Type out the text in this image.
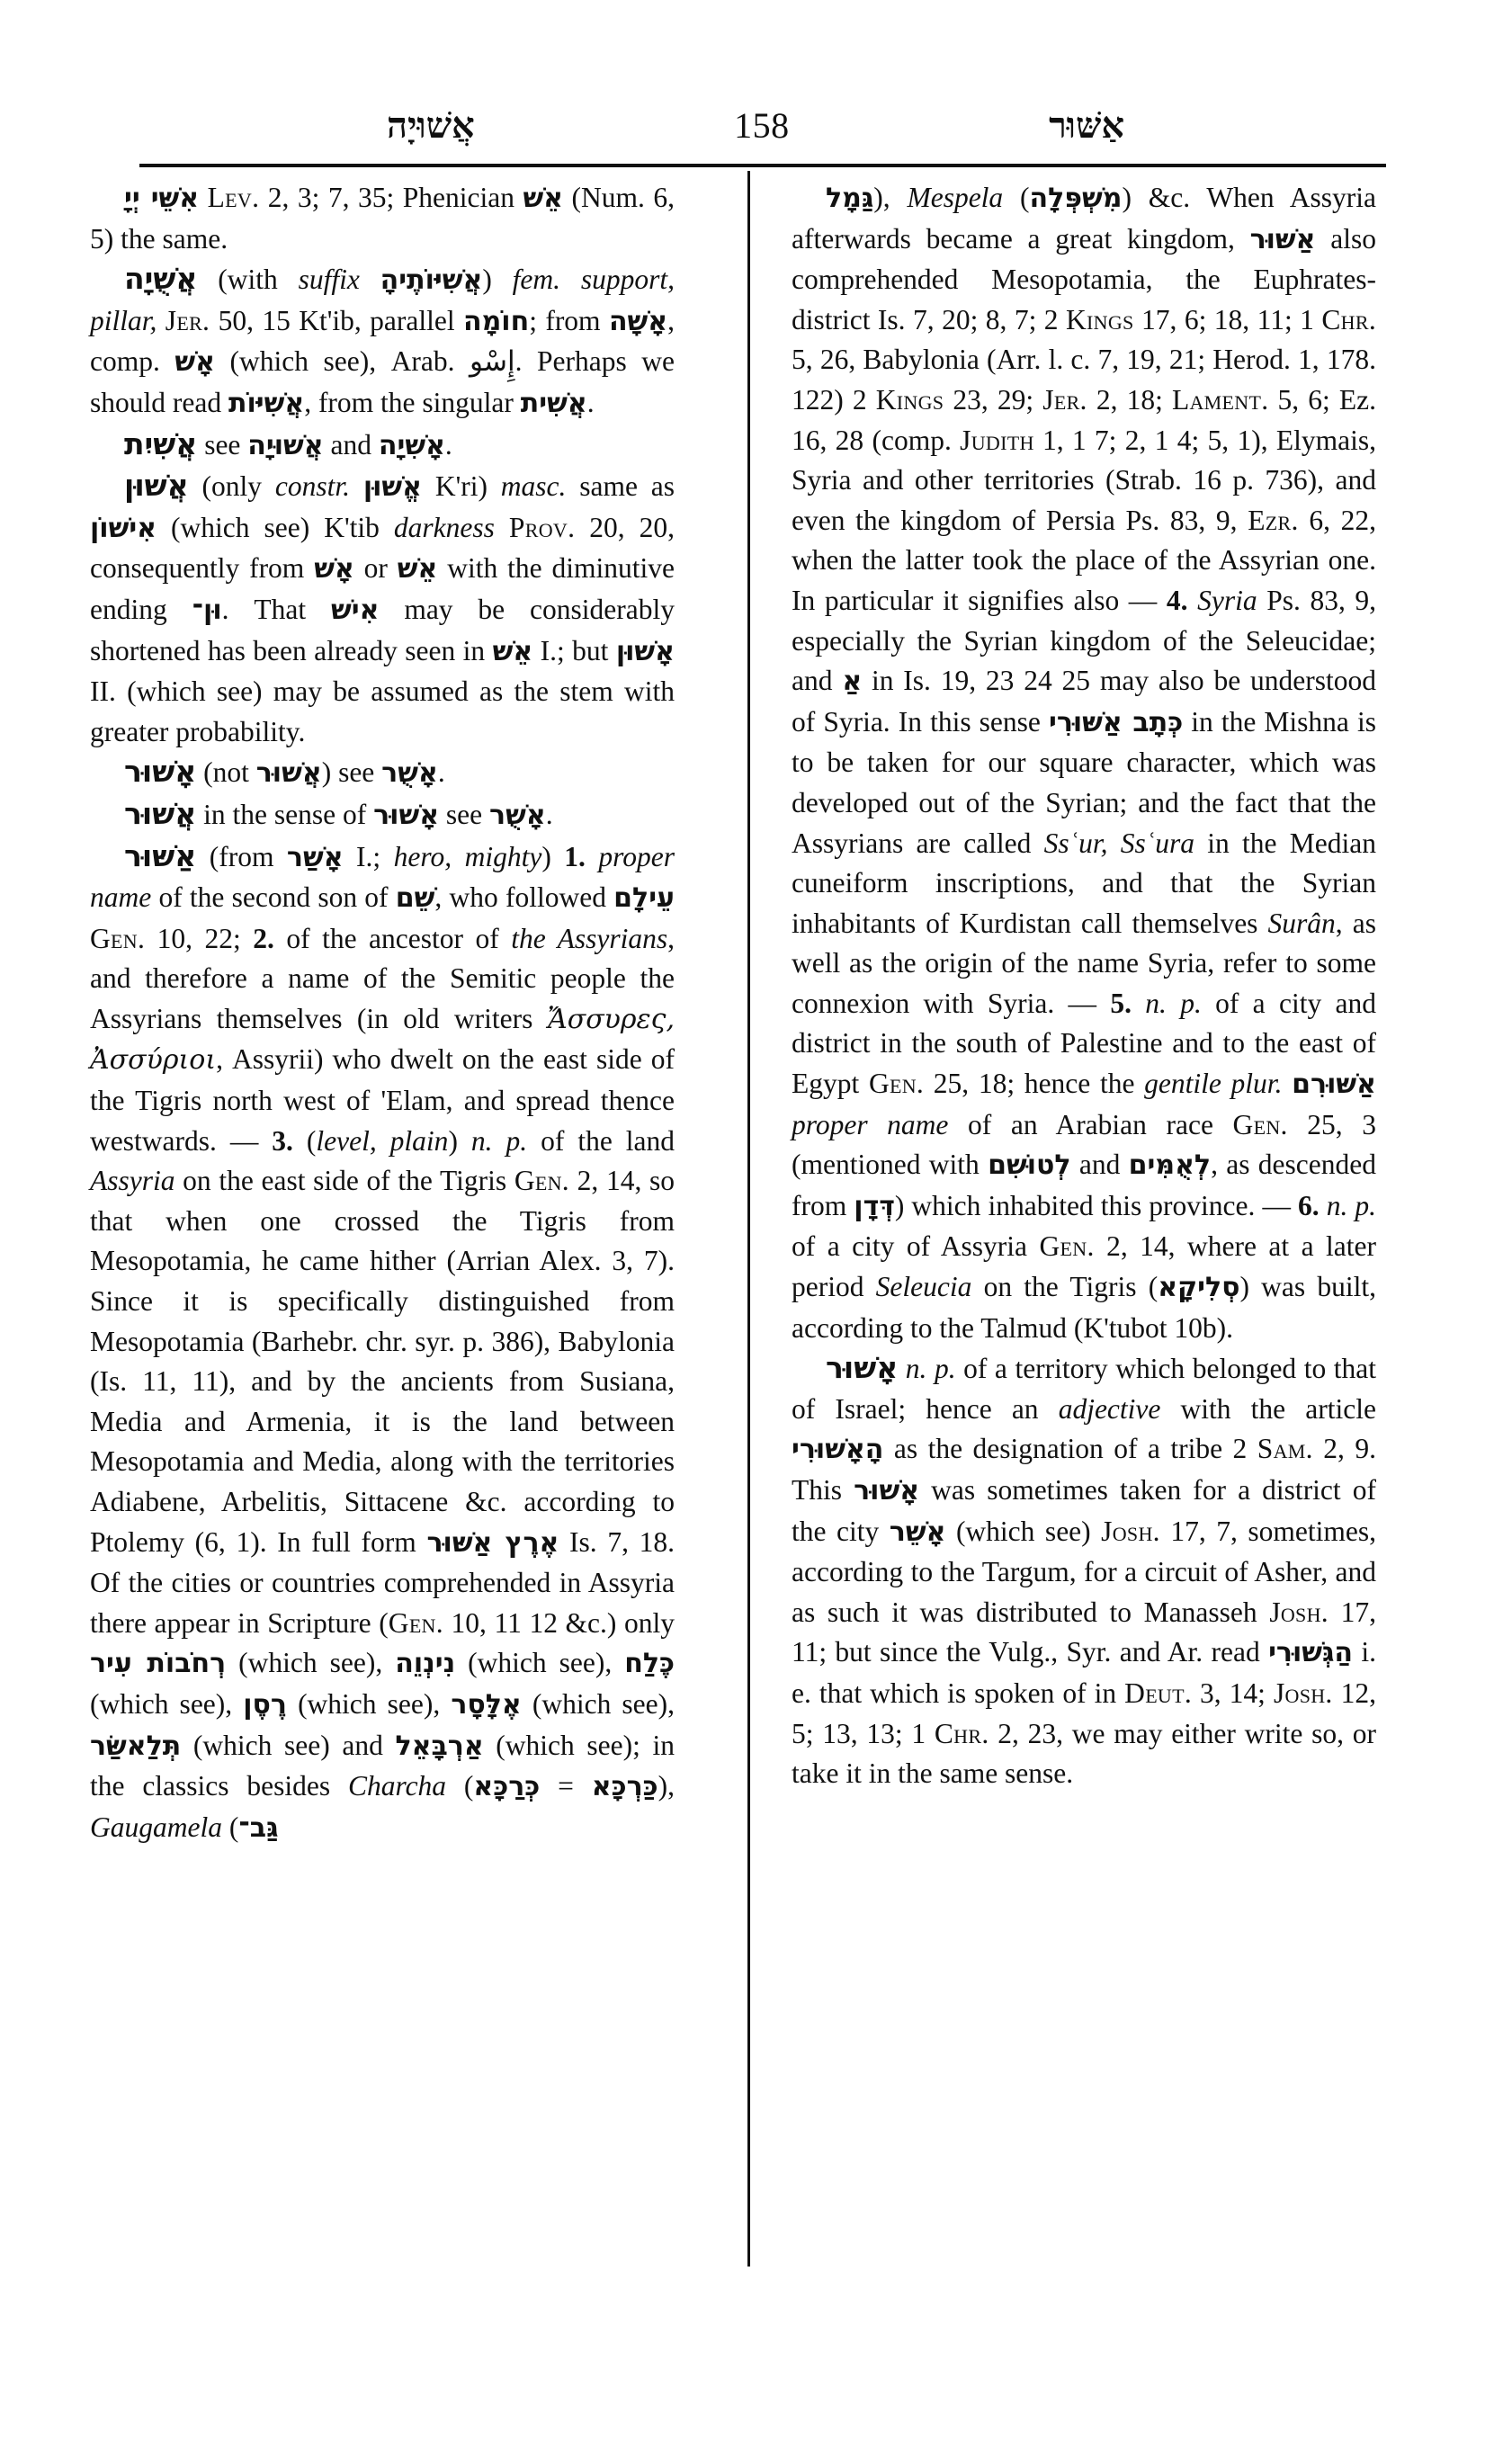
אֲשׁוּיָה	158	אַשּׁוּר

אִשֵּׁי יְיָ Lev. 2, 3; 7, 35; Phenician אֵשׁ (Num. 6, 5) the same.

אֲשֻׁיָה (with suffix אֲשִׁיּוֹתֶיהָ) fem. support, pillar, Jer. 50, 15 Kt'ib, parallel חוֹמָה; from אָשָׁה, comp. אָשׁ (which see), Arab. إِسْو. Perhaps we should read אֲשִׁיּוֹת, from the singular אֲשִׁית.

אֲשִׁיִת see אֲשׁוּיָה and אָשִׁיָה.

אֲשׁוּן (only constr. אֱשׁוּן K'ri) masc. same as אִישׁוֹן (which see) K'tib darkness Prov. 20, 20, consequently from אָשׁ or אֵשׁ with the diminutive ending וּן־. That אִישׁ may be considerably shortened has been already seen in אֵשׁ I.; but אָשׁוּן II. (which see) may be assumed as the stem with greater probability.

אָשׁוּר (not אֲשׁוּר) see אָשֻׁר.

אֲשׁוּר in the sense of אָשׁוּר see אָשֻׁר.

אַשּׁוּר (from אָשַׁר I.; hero, mighty) 1. proper name of the second son of שֵׁם, who followed עֵילָם Gen. 10, 22; 2. of the ancestor of the Assyrians, and therefore a name of the Semitic people the Assyrians themselves (in old writers Ἄσσυρες, Ἀσσύριοι, Assyrii) who dwelt on the east side of the Tigris north west of 'Elam, and spread thence westwards. — 3. (level, plain) n. p. of the land Assyria on the east side of the Tigris Gen. 2, 14, so that when one crossed the Tigris from Mesopotamia, he came hither (Arrian Alex. 3, 7). Since it is specifically distinguished from Mesopotamia (Barhebr. chr. syr. p. 386), Babylonia (Is. 11, 11), and by the ancients from Susiana, Media and Armenia, it is the land between Mesopotamia and Media, along with the territories Adiabene, Arbelitis, Sittacene &c. according to Ptolemy (6, 1). In full form אֶרֶץ אַשּׁוּר Is. 7, 18. Of the cities or countries comprehended in Assyria there appear in Scripture (Gen. 10, 11 12 &c.) only רְחֹבוֹת עִיר (which see), נִינְוֵה (which see), כֶּלַח (which see), רֶסֶן (which see), אֶלָּסָר (which see), תְּלַאשַּׂר (which see) and אַרְבָּאֵל (which see); in the classics besides Charcha (	כַּרְכָּא = כְּרַכָּא	), Gaugamela (גַּב־

גַּמָל), Mespela (מִשְׁפְּלָה) &c. When Assyria afterwards became a great kingdom, אַשּׁוּר also comprehended Mesopotamia, the Euphrates-district Is. 7, 20; 8, 7; 2 Kings 17, 6; 18, 11; 1 Chr. 5, 26, Babylonia (Arr. l. c. 7, 19, 21; Herod. 1, 178. 122) 2 Kings 23, 29; Jer. 2, 18; Lament. 5, 6; Ez. 16, 28 (comp. Judith 1, 1 7; 2, 1 4; 5, 1), Elymais, Syria and other territories (Strab. 16 p. 736), and even the kingdom of Persia Ps. 83, 9, Ezr. 6, 22, when the latter took the place of the Assyrian one. In particular it signifies also — 4. Syria Ps. 83, 9, especially the Syrian kingdom of the Seleucidae; and אַ in Is. 19, 23 24 25 may also be understood of Syria. In this sense כְּתָב אַשּׁוּרִי in the Mishna is to be taken for our square character, which was developed out of the Syrian; and the fact that the Assyrians are called Ssʿur, Ssʿura in the Median cuneiform inscriptions, and that the Syrian inhabitants of Kurdistan call themselves Surân, as well as the origin of the name Syria, refer to some connexion with Syria. — 5. n. p. of a city and district in the south of Palestine and to the east of Egypt Gen. 25, 18; hence the gentile plur. אַשּׁוּרִם proper name of an Arabian race Gen. 25, 3 (mentioned with לְטוּשִׁם and לְאֻמִּים, as descended from דְּדָן) which inhabited this province. — 6. n. p. of a city of Assyria Gen. 2, 14, where at a later period Seleucia on the Tigris (סְלִיקָא) was built, according to the Talmud (K'tubot 10b).

אָשׁוּר n. p. of a territory which belonged to that of Israel; hence an adjective with the article הָאָשׁוּרִי as the designation of a tribe 2 Sam. 2, 9. This אָשׁוּר was sometimes taken for a district of the city אָשֵׁר (which see) Josh. 17, 7, sometimes, according to the Targum, for a circuit of Asher, and as such it was distributed to Manasseh Josh. 17, 11; but since the Vulg., Syr. and Ar. read הַגְּשׁוּרִי i. e. that which is spoken of in Deut. 3, 14; Josh. 12, 5; 13, 13; 1 Chr. 2, 23, we may either write so, or take it in the same sense.
